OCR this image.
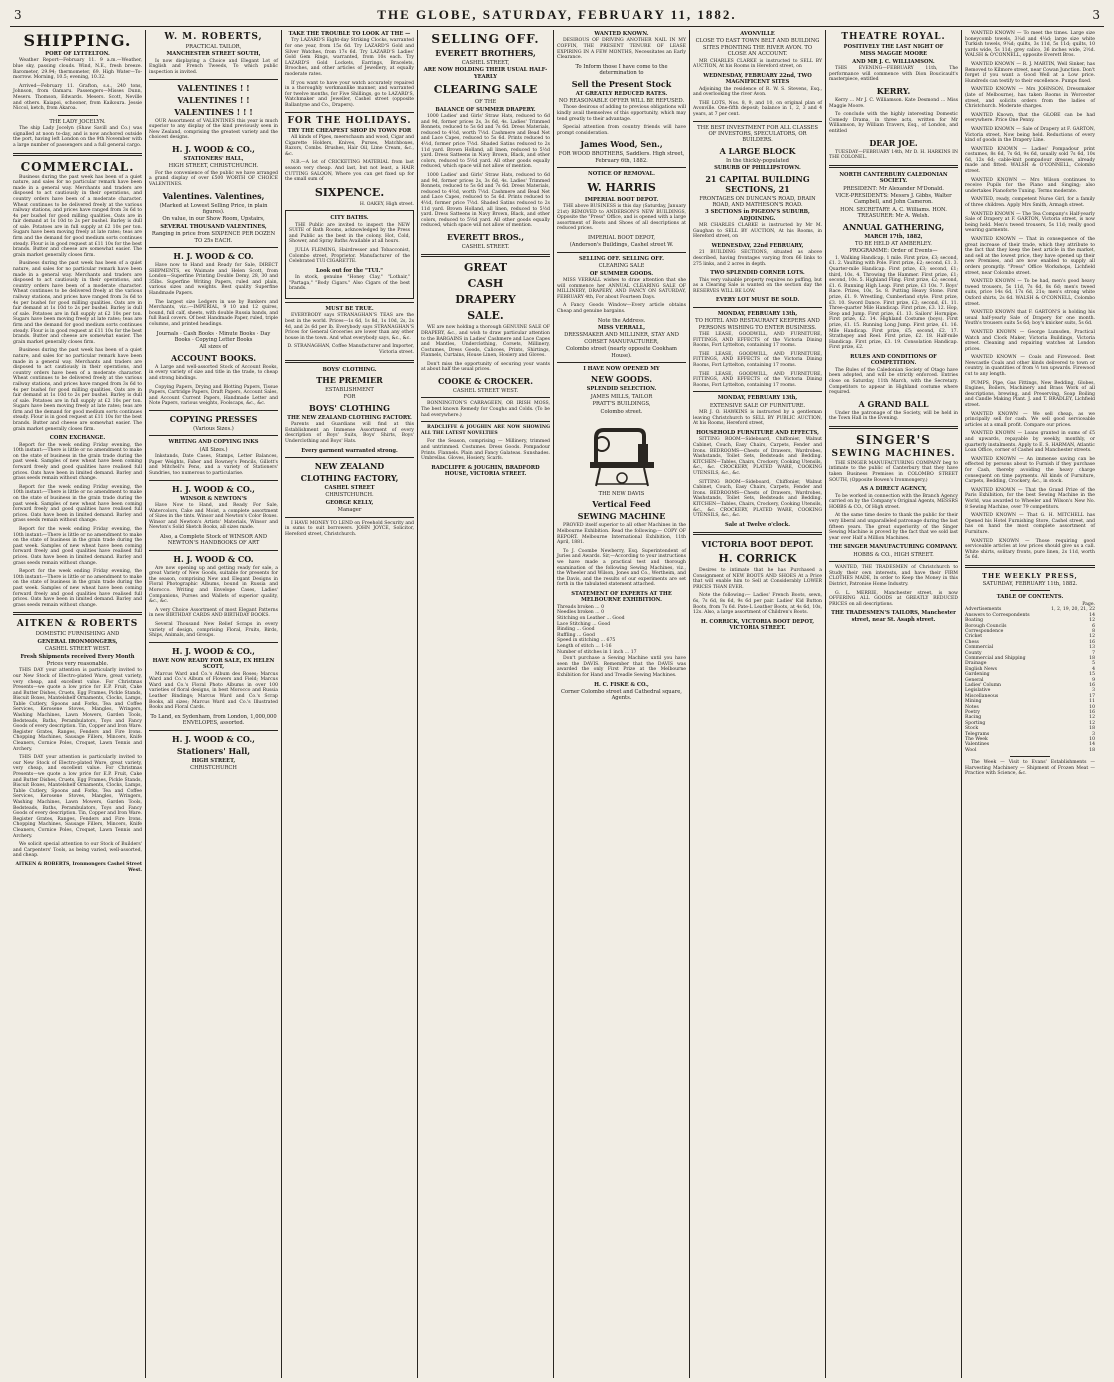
3	THE GLOBE, SATURDAY, FEBRUARY 11, 1882.	3
SHIPPING.
PORT OF LYTTELTON.
Weather Report—February 11. 9 a.m.—Weather, blue sky, passing clouds. Wind, N.E., fresh breeze. Barometer, 29.94; thermometer, 69. High Water—To-morrow. Morning, 10.5; evening, 10.32.
Arrived—February 11. Grafton, s.s., 240 tons, Johnson, from Oamaru. Passengers—Misses Dunn, Mesers. Thomson, Edwards. Mesers. Scott, Neville and others. Kaiapoi, schooner, from Kaikoura. Jessie Niccol, ketch, from Akaroa.
THE LADY JOCELYN.
The ship Lady Jocelyn (Shaw Savill and Co.) was signalled at noon to-day, and is now anchored outside the port, having left London on the 9th November with a large number of passengers and a full general cargo.
COMMERCIAL.
Business during the past week has been of a quiet nature, and sales for no particular remark have been made in a general way. Merchants and traders are disposed to act cautiously in their operations, and country orders have been of a moderate character. Wheat continues to be delivered freely at the various railway stations, and prices have ranged from 3s 6d to 4s per bushel for good milling qualities. Oats are in fair demand at 1s 10d to 2s per bushel. Barley is dull of sale. Potatoes are in full supply at £2 10s per ton. Sugars have been moving freely at late rates; teas are firm and the demand for good medium sorts continues steady. Flour is in good request at £11 10s for the best brands. Butter and cheese are somewhat easier. The grain market generally closes firm.
Business during the past week has been of a quiet nature, and sales for no particular remark have been made in a general way. Merchants and traders are disposed to act cautiously in their operations, and country orders have been of a moderate character. Wheat continues to be delivered freely at the various railway stations, and prices have ranged from 3s 6d to 4s per bushel for good milling qualities. Oats are in fair demand at 1s 10d to 2s per bushel. Barley is dull of sale. Potatoes are in full supply at £2 10s per ton. Sugars have been moving freely at late rates; teas are firm and the demand for good medium sorts continues steady. Flour is in good request at £11 10s for the best brands. Butter and cheese are somewhat easier. The grain market generally closes firm.
Business during the past week has been of a quiet nature, and sales for no particular remark have been made in a general way. Merchants and traders are disposed to act cautiously in their operations, and country orders have been of a moderate character. Wheat continues to be delivered freely at the various railway stations, and prices have ranged from 3s 6d to 4s per bushel for good milling qualities. Oats are in fair demand at 1s 10d to 2s per bushel. Barley is dull of sale. Potatoes are in full supply at £2 10s per ton. Sugars have been moving freely at late rates; teas are firm and the demand for good medium sorts continues steady. Flour is in good request at £11 10s for the best brands. Butter and cheese are somewhat easier. The grain market generally closes firm.
CORN EXCHANGE.
Report for the week ending Friday evening, the 10th instant:—There is little or no amendment to make on the state of business in the grain trade during the past week. Samples of new wheat have been coming forward freely and good qualities have realised full prices. Oats have been in limited demand. Barley and grass seeds remain without change.
Report for the week ending Friday evening, the 10th instant:—There is little or no amendment to make on the state of business in the grain trade during the past week. Samples of new wheat have been coming forward freely and good qualities have realised full prices. Oats have been in limited demand. Barley and grass seeds remain without change.
Report for the week ending Friday evening, the 10th instant:—There is little or no amendment to make on the state of business in the grain trade during the past week. Samples of new wheat have been coming forward freely and good qualities have realised full prices. Oats have been in limited demand. Barley and grass seeds remain without change.
Report for the week ending Friday evening, the 10th instant:—There is little or no amendment to make on the state of business in the grain trade during the past week. Samples of new wheat have been coming forward freely and good qualities have realised full prices. Oats have been in limited demand. Barley and grass seeds remain without change.
AITKEN & ROBERTS
DOMESTIC FURNISHING AND
GENERAL IRONMONGERS,
CASHEL STREET WEST.
Fresh Shipments received Every Month
Prices very reasonable.
THIS DAY your attention is particularly invited to our New Stock of Electro-plated Ware, great variety, very cheap, and excellent value. For Christmas Presents—we quote a low price for E.P. Fruit, Cake and Butter Dishes, Cruets, Egg Frames, Pickle Stands, Biscuit Boxes, Mantelshelf Ornaments, Clocks, Lamps, Table Cutlery, Spoons and Forks, Tea and Coffee Services, Kerosene Stoves, Mangles, Wringers, Washing Machines, Lawn Mowers, Garden Tools, Bedsteads, Baths, Perambulators, Toys and Fancy Goods of every description. Tin, Copper and Iron Ware. Register Grates, Ranges, Fenders and Fire Irons. Chopping Machines, Sausage Fillers, Mincers, Knife Cleaners, Cornice Poles, Croquet, Lawn Tennis and Archery.
THIS DAY your attention is particularly invited to our New Stock of Electro-plated Ware, great variety, very cheap, and excellent value. For Christmas Presents—we quote a low price for E.P. Fruit, Cake and Butter Dishes, Cruets, Egg Frames, Pickle Stands, Biscuit Boxes, Mantelshelf Ornaments, Clocks, Lamps, Table Cutlery, Spoons and Forks, Tea and Coffee Services, Kerosene Stoves, Mangles, Wringers, Washing Machines, Lawn Mowers, Garden Tools, Bedsteads, Baths, Perambulators, Toys and Fancy Goods of every description. Tin, Copper and Iron Ware. Register Grates, Ranges, Fenders and Fire Irons. Chopping Machines, Sausage Fillers, Mincers, Knife Cleaners, Cornice Poles, Croquet, Lawn Tennis and Archery.
We solicit special attention to our Stock of Builders' and Carpenters' Tools, as being varied, well-assorted, and cheap.
AITKEN & ROBERTS, Ironmongers Cashel Street West.
W. M. ROBERTS,
PRACTICAL TAILOR,
MANCHESTER STREET SOUTH,
Is now displaying a Choice and Elegant Lot of English and French Tweeds, To which public inspection is invited.
VALENTINES ! !
VALENTINES ! !
VALENTINES ! ! !
OUR Assortment of VALENTINES this year is much superior to any display of the kind previously seen in New Zealand, comprising the greatest variety and the choicest designs.
H. J. WOOD & CO.,
STATIONERS' HALL,
HIGH STREET, CHRISTCHURCH.
For the convenience of the public we have arranged a grand display of over £500 WORTH OF CHOICE VALENTINES.
Valentines. Valentines,
(Marked at Lowest Selling Price, in plain figures).
On value, in our Show Room, Upstairs,
SEVERAL THOUSAND VALENTINES,
Ranging in price from SIXPENCE PER DOZEN TO 25s EACH.
H. J. WOOD & CO.
Have now to Hand and Ready for Sale, DIRECT SHIPMENTS, ex Waimate and Helen Scott, from London—Superfine Printing Double Demy, 28, 30 and 35lbs. Superfine Writing Papers, ruled and plain, various sizes and weights. Best quality Superfine Handmade Papers.
The largest size Ledgers in use by Bankers and Merchants, viz.:—IMPERIAL, 9 10 and 12 quires, bound, full calf, sheets, with double Russia bands, and full Basil covers. Of best Handmade Paper, ruled, triple columns, and printed headings.
Journals · Cash Books · Minute Books · Day Books · Copying Letter Books
All sizes of
ACCOUNT BOOKS.
A Large and well-assorted Stock of Account Books, in every variety of size and title in the trade, to cheap and strong bindings.
Copying Papers, Drying and Blotting Papers, Tissue Papers, Cartridge Papers, Draft Papers, Account Sales, and Account Current Papers, Handmade Letter and Note Papers, various weights, Foolscaps, &c., &c.
COPYING PRESSES
(Various Sizes.)
WRITING AND COPYING INKS
(All Sizes.)
Inkstands, Date Cases, Stamps, Letter Balances, Paper Weights, Faber and Rowney's Pencils, Gillott's and Mitchell's Pens, and a variety of Stationers' Sundries, too numerous to particularise.
H. J. WOOD & CO.,
WINSOR & NEWTON'S
Have Now to Hand, and Ready For Sale, Watercolors, Cake and Moist, a complete assortment of Sizes in the tints. Winsor and Newton's Color Boxes. Winsor and Newton's Artists' Materials, Winsor and Newton's Solid Sketch Books, all sizes made.
Also, a Complete Stock of WINSOR AND NEWTON'S HANDBOOKS OF ART
H. J. WOOD & CO.
Are now opening up and getting ready for sale, a great Variety of New Goods, suitable for presents for the season, comprising New and Elegant Designs in Floral Photographic Albums, bound in Russia and Morocco. Writing and Envelope Cases, Ladies' Companions, Purses and Wallets of superior quality, &c., &c.
A very Choice Assortment of most Elegant Patterns in new BIRTHDAY CARDS AND BIRTHDAY BOOKS.
Several Thousand New Relief Scraps in every variety of design, comprising Floral, Fruits, Birds, Ships, Animals, and Groups.
H. J. WOOD & CO.,
HAVE NOW READY FOR SALE, EX HELEN SCOTT,
Marcus Ward and Co.'s Album des Roses; Marcus Ward and Co.'s Album of Flowers and Field; Marcus Ward and Co.'s Floral Photo Albums in over 100 varieties of floral designs, in best Morocco and Russia Leather Bindings; Marcus Ward and Co.'s Scrap Books, all sizes; Marcus Ward and Co.'s Illustrated Books and Floral Cards.
To Land, ex Sydenham, from London, 1,000,000 ENVELOPES, assorted.
H. J. WOOD & CO.,
Stationers' Hall,
HIGH STREET,
CHRISTCHURCH
TAKE THE TROUBLE TO LOOK AT THE —
Try LAZARD'S Eight-day Striking Clocks, warranted for one year, from 15s 6d. Try LAZARD'S Gold and Silver Watches, from 17s 6d. Try LAZARD'S Ladies' Gold Gem Rings, warranted, from 10s each. Try LAZARD'S Gold Lockets, Earrings, Bracelets, Brooches, and other articles of Jewellery, at equally moderate rates.
If you want to have your watch accurately repaired in a thoroughly workmanlike manner, and warranted for twelve months, for Five Shillings, go to LAZARD'S, Watchmaker and Jeweller, Cashel street (opposite Ballantyne and Co., Drapers).
FOR THE HOLIDAYS.
TRY THE CHEAPEST SHOP IN TOWN FOR
All kinds of Pipes, meerschaum and wood, Cigar and Cigarette Holders, Knives, Purses, Matchboxes, Razors, Combs. Brushes, Hair Oil, Lime Cream, &c., &c.
N.B.—A lot of CRICKETING MATERIAL from last season very cheap. And last, but not least, a HAIR CUTTING SALOON, Where you can get fixed up for the small sum of
SIXPENCE.
H. OAKEY, High street.
CITY BATHS.
THE Public are invited to inspect the NEW SUITE of Bath Rooms, acknowledged by the Press and Public as the best in the colony. Hot, Cold, Shower, and Spray Baths Available at all hours.
JULIA FLEMING, Hairdresser and Tobacconist, Colombo street, Proprietor. Manufacturer of the Celebrated TUI CIGARETTE.
Look out for the "TUI."
In stock, genuine "Honey Clay," "Lothair," "Partaga," "Body Cigars." Also Cigars of the best brands.
MUST BE TRUE.
EVERYBODY says STRANAGHAN'S TEAS are the best in the world. Prices—1s 6d, 1s 8d, 1s 10d, 2s, 2s 4d, and 2s 6d per lb. Everybody says STRANAGHAN'S Prices for General Groceries are lower than any other house in the town. And what everybody says, &c., &c.
D. STRANAGHAN, Coffee Manufacturer and Importer, Victoria street.
BOYS' CLOTHING.
THE PREMIER
ESTABLISHMENT
FOR
BOYS' CLOTHING
THE NEW ZEALAND CLOTHING FACTORY.
Parents and Guardians will find at this Establishment an Immense Assortment of every description of Boys' Suits, Boys' Shirts, Boys' Underclothing and Boys' Hats.
Every garment warranted strong.
NEW ZEALAND
CLOTHING FACTORY,
CASHEL STREET
CHRISTCHURCH.
GEORGE KELLY,
Manager
I HAVE MONEY TO LEND on Freehold Security and in sums to suit borrowers. JOHN JOYCE, Solicitor, Hereford street, Christchurch.
SELLING OFF.
EVERETT BROTHERS,
CASHEL STREET,
ARE NOW HOLDING THEIR USUAL HALF-YEARLY
CLEARING SALE
OF THE
BALANCE OF SUMMER DRAPERY.
1000 Ladies' and Girls' Straw Hats, reduced to 6d and 9d, former prices 2s, 3s 6d, 4s. Ladies' Trimmed Bonnets, reduced to 5s 6d and 7s 6d. Dress Materials, reduced to 4½d, worth 7½d. Cashmere and Bead Net and Lace Capes, reduced to 5s 6d. Prints reduced to 4½d, former price 7½d. Shaded Satins reduced to 2s 11d yard. Brown Holland, all linen, reduced to 5½d yard. Dress Satteens in Navy Brown, Black, and other colors, reduced to 5½d yard. All other goods equally reduced, which space will not allow of mention.
1000 Ladies' and Girls' Straw Hats, reduced to 6d and 9d, former prices 2s, 3s 6d, 4s. Ladies' Trimmed Bonnets, reduced to 5s 6d and 7s 6d. Dress Materials, reduced to 4½d, worth 7½d. Cashmere and Bead Net and Lace Capes, reduced to 5s 6d. Prints reduced to 4½d, former price 7½d. Shaded Satins reduced to 2s 11d yard. Brown Holland, all linen, reduced to 5½d yard. Dress Satteens in Navy Brown, Black, and other colors, reduced to 5½d yard. All other goods equally reduced, which space will not allow of mention.
EVERETT BROS.,
CASHEL STREET.
GREAT
CASH
DRAPERY
SALE.
WE are now holding a thorough GENUINE SALE OF DRAPERY, &c., and wish to draw particular attention to the BARGAINS in Ladies' Cashmere and Lace Capes and Mantles, Underclothing, Corsets, Millinery, Costumes, Dress Goods, Calicoes, Prints, Shirtings, Flannels, Curtains, House Linen, Hosiery and Gloves.
Don't miss the opportunity of securing your wants at about half the usual prices.
COOKE & CROCKER.
CASHEL STREET WEST.
BONNINGTON'S CARRAGEEN, OR IRISH MOSS, The best known Remedy for Coughs and Colds. (To be had everywhere.)
RADCLIFFE & JOUGHIN ARE NOW SHOWING ALL THE LATEST NOVELTIES
For the Season, comprising — Millinery, trimmed and untrimmed. Costumes. Dress Goods. Pompadour Prints. Flannels. Plain and Fancy Galateas. Sunshades. Umbrellas. Gloves, Hosiery, Scarfs.
RADCLIFFE & JOUGHIN, BRADFORD HOUSE, VICTORIA STREET.
WANTED KNOWN.
DESIROUS OF DRIVING ANOTHER NAIL IN MY COFFIN, THE PRESENT TENURE OF LEASE EXPIRING IN A FEW MONTHS, Necessitates an Early Clearance.
To Inform those I have come to the determination to
Sell the Present Stock
AT GREATLY REDUCED RATES.
NO REASONABLE OFFER WILL BE REFUSED.
Those desirous of adding to previous obligations will kindly avail themselves of this opportunity, which may tend greatly to their advantage.
Special attention from country friends will have prompt consideration.
James Wood, Sen.,
FOR WOOD BROTHERS, Saddlers. High street, February 6th, 1882.
NOTICE OF REMOVAL.
W. HARRIS
IMPERIAL BOOT DEPOT.
THE above BUSINESS is this day (Saturday, January 21st) REMOVED to ANDERSON'S NEW BUILDINGS, Opposite the "Press" Office, and is opened with a large assortment of Boots and Shoes of all descriptions at reduced prices.
IMPERIAL BOOT DEPOT,
(Anderson's Buildings, Cashel street W.
SELLING OFF. SELLING OFF.
CLEARING SALE
OF SUMMER GOODS.
MISS VERRALL wishes to draw attention that she will commence her ANNUAL CLEARING SALE OF MILLINERY, DRAPERY, AND FANCY ON SATURDAY, FEBRUARY 4th, For about Fourteen Days.
A Fancy Goods Window—Every article obtains Cheap and genuine bargains.
Note the Address.
MISS VERRALL,
DRESSMAKER AND MILLINER, STAY AND CORSET MANUFACTURER,
Colombo street (nearly opposite Cookham House).
I HAVE NOW OPENED MY
NEW GOODS.
SPLENDID SELECTION.
JAMES MILLS, TAILOR
PRATT'S BUILDINGS,
Colombo street.
THE NEW DAVIS
Vertical Feed
SEWING MACHINE
PROVED itself superior to all other Machines in the Melbourne Exhibition. Read the following:— COPY OF REPORT. Melbourne International Exhibition, 11th April, 1881.
To J. Coombe Newberry, Esq. Superintendent of Juries and Awards. Sir,—According to your instructions we have made a practical test and thorough examination of the following Sewing Machines, viz., the Wheeler and Wilson, Jones and Co., Wertheim, and the Davis, and the results of our experiments are set forth in the tabulated statement attached.
STATEMENT OF EXPERTS AT THE MELBOURNE EXHIBITION.
Threads broken ... 0
Needles broken ... 0
Stitching on Leather ... Good
Lace Stitching ... Good
Binding ... Good
Ruffling ... Good
Speed in stitching ... 675
Length of stitch ... 1-16
Number of stitches in 1 inch ... 17
Don't purchase a Sewing Machine until you have seen the DAVIS. Remember that the DAVIS was awarded the only First Prize at the Melbourne Exhibition for Hand and Treadle Sewing Machines.
H. C. FISKE & CO.,
Corner Colombo street and Cathedral square, Agents.
AVONVILLE
CLOSE TO EAST TOWN BELT AND BUILDING SITES FRONTING THE RIVER AVON. TO CLOSE AN ACCOUNT.
MR CHARLES CLARKE is instructed to SELL BY AUCTION, At his Rooms in Hereford street, on
WEDNESDAY, FEBRUARY 22nd, TWO MAGNIFICENT SITES
Adjoining the residence of R. W. S. Stevens, Esq., and overlooking the river Avon.
THE LOTS, Nos. 8, 9, and 10, on original plan of Avonville. One-fifth deposit; balance in 1, 2, 3 and 4 years, at 7 per cent.
THE BEST INVESTMENT FOR ALL CLASSES OF INVESTORS, SPECULATORS, OR BUILDERS.
A LARGE BLOCK
In the thickly-populated
SUBURB OF PHILLIPSTOWN.
21 CAPITAL BUILDING SECTIONS, 21
FRONTAGES ON DUNCAN'S ROAD, DRAIN ROAD, AND MATHESON'S ROAD.
3 SECTIONS in PIGEON'S SUBURB, ADJOINING.
MR CHARLES CLARKE is instructed by Mr M. Gaughan to SELL BY AUCTION, At his Rooms, in Hereford street, on
WEDNESDAY, 22nd FEBRUARY,
21 BUILDING SECTIONS, situated as above described, having frontages varying from 66 links to 275 links, and 2 acres in depth.
TWO SPLENDID CORNER LOTS.
This very valuable property requires no puffing, but as a Clearing Sale is wanted on the section day the RESERVES WILL BE LOW.
EVERY LOT MUST BE SOLD.
MONDAY, FEBRUARY 13th,
TO HOTEL AND RESTAURANT KEEPERS AND PERSONS WISHING TO ENTER BUSINESS.
THE LEASE, GOODWILL, AND FURNITURE, FITTINGS, AND EFFECTS of the Victoria Dining Rooms, Fort Lyttelton, containing 17 rooms.
THE LEASE, GOODWILL, AND FURNITURE, FITTINGS, AND EFFECTS of the Victoria Dining Rooms, Fort Lyttelton, containing 17 rooms.
THE LEASE, GOODWILL, AND FURNITURE, FITTINGS, AND EFFECTS of the Victoria Dining Rooms, Fort Lyttelton, containing 17 rooms.
MONDAY, FEBRUARY 13th,
EXTENSIVE SALE OF FURNITURE.
MR J. O. HAWKINS is instructed by a gentleman leaving Christchurch to SELL BY PUBLIC AUCTION, At his Rooms, Hereford street,
HOUSEHOLD FURNITURE AND EFFECTS,
SITTING ROOM—Sideboard, Chiffonier, Walnut Cabinet, Couch, Easy Chairs, Carpets, Fender and Irons. BEDROOMS—Chests of Drawers, Wardrobes, Washstands, Toilet Sets, Bedsteads and Bedding. KITCHEN—Tables, Chairs, Crockery, Cooking Utensils, &c., &c. CROCKERY, PLATED WARE, COOKING UTENSILS, &c., &c.
SITTING ROOM—Sideboard, Chiffonier, Walnut Cabinet, Couch, Easy Chairs, Carpets, Fender and Irons. BEDROOMS—Chests of Drawers, Wardrobes, Washstands, Toilet Sets, Bedsteads and Bedding. KITCHEN—Tables, Chairs, Crockery, Cooking Utensils, &c., &c. CROCKERY, PLATED WARE, COOKING UTENSILS, &c., &c.
Sale at Twelve o'clock.
VICTORIA BOOT DEPOT.
H. CORRICK
Desires to intimate that he has Purchased a Consignment of NEW BOOTS AND SHOES At a Price that will enable him to Sell at Considerably LOWER PRICES THAN EVER.
Note the following:— Ladies' French Boots, sewn, 6s, 7s 6d, 8s 6d, 9s 6d per pair. Ladies' Kid Button Boots, from 7s 6d. Pate-L Leather Boots, at 4s 6d, 10s, 12s. Also, a large assortment of Children's Boots.
H. CORRICK, VICTORIA BOOT DEPOT, VICTORIA STREET.
THEATRE ROYAL.
POSITIVELY THE LAST NIGHT OF
MISS MAGGIE MOORE
AND MR J. C. WILLIAMSON.
THIS EVENING—FEBRUARY 11th, The performance will commence with Dion Boucicault's masterpiece, entitled
KERRY.
Kerry ... Mr J. C. Williamson. Kate Desmond ... Miss Maggie Moore.
To conclude with the highly interesting Domestic Comedy Drama, in three acts, written for Mr Williamson, by William Travers, Esq., of London, and entitled
DEAR JOE.
TUESDAY—FEBRUARY 14th, Mr D. H. HARKINS IN THE COLONEL.
NORTH CANTERBURY CALEDONIAN SOCIETY.
PRESIDENT: Mr Alexander M'Donald.
VICE-PRESIDENTS: Messrs J. Gibbs, Walter Campbell, and John Cameron.
HON. SECRETARY: A. C. Williams. HON. TREASURER: Mr A. Welsh.
ANNUAL GATHERING,
MARCH 17th, 1882,
TO BE HELD AT AMBERLEY.
PROGRAMME: Order of Events—
1. Walking Handicap, 1 mile. First prize, £3; second, £1. 2. Vaulting with Pole. First prize, £2; second, £1. 3. Quarter-mile Handicap. First prize, £3; second, £1; third, 10s. 4. Throwing the Hammer. First prize, £1; second, 10s. 5. Highland Fling. First prize, £2; second, £1. 6. Running High Leap. First prize, £1 10s. 7. Boys' Race. Prizes, 10s, 5s. 8. Putting Heavy Stone. First prize, £1. 9. Wrestling, Cumberland style. First prize, £3. 10. Sword Dance. First prize, £2; second, £1. 11. Three-quarter Mile Handicap. First prize, £3. 12. Hop, Step and Jump. First prize, £1. 13. Sailors' Hornpipe. First prize, £2. 14. Highland Costume (boys). First prize, £1. 15. Running Long Jump. First prize, £1. 16. Mile Handicap. First prize, £5; second, £2. 17. Strathspey and Reel. First prize, £2. 18. Half-mile Handicap. First prize, £3. 19. Consolation Handicap. First prize, £2.
RULES AND CONDITIONS OF COMPETITION.
The Rules of the Caledonian Society of Otago have been adopted, and will be strictly enforced. Entries close on Saturday, 11th March, with the Secretary. Competitors to appear in Highland costume where required.
A GRAND BALL
Under the patronage of the Society, will be held in the Town Hall in the Evening.
SINGER'S
SEWING MACHINES.
THE SINGER MANUFACTURING COMPANY beg to intimate to the public of Canterbury that they have taken Business Premises in COLOMBO STREET SOUTH, (Opposite Bowen's Ironmongery,)
AS A DIRECT AGENCY,
To be worked in connection with the Branch Agency carried on by the Company's Original Agents, MESSRS HOBBS & CO., Of High street.
At the same time desire to thank the public for their very liberal and unparalleled patronage during the last fifteen years. The great superiority of the Singer Sewing Machine is proved by the fact that we sold last year over Half a Million Machines.
THE SINGER MANUFACTURING COMPANY.
HOBBS & CO., HIGH STREET.
WANTED, THE TRADESMEN of Christchurch to Study their own interests, and have their FIRM CLOTHES MADE, In order to Keep the Money in this District, Patronise Home Industry.
G. L. MERRIE, Manchester street, is now OFFERING ALL GOODS at GREATLY REDUCED PRICES on all descriptions.
THE TRADESMEN'S TAILORS, Manchester street, near St. Asaph street.
WANTED KNOWN — To meet the times. Large size honeycomb towels, 3¼d and 4¼d; large size white Turkish towels, 9¼d; quilts, 3s 11d, 5s 11d; quilts, 10 yards wide, 5s 11d; grey calico, 36 inches wide, 2½d. WALSH & O'CONNELL, opposite Everett Bros.
WANTED KNOWN — R. J. MARTIN, Well Sinker, has Removed to Kilmore street, near Cowan Junction. Don't forget if you want a Good Well at a Low price. Hundreds can testify to their excellence. Pumps fixed.
WANTED KNOWN — Mrs JOHNSON, Dressmaker (late of Melbourne), has taken Rooms in Worcester street, and solicits orders from the ladies of Christchurch. Moderate charges.
WANTED Known, that the GLOBE can be had everywhere. Price One Penny.
WANTED KNOWN — Sale of Drapery at F. GARTON, Victoria street, Now being held. Reductions of every kind of goods in the Drapery Line.
WANTED KNOWN — Ladies' Pompadour print costumes, 8s 6d, 7s 6d, 9s 6d, usually sold 7s 6d, 10s 6d, 12s 6d; cable-knit pompadour dresses, already made and fitted. WALSH & O'CONNELL, Colombo street.
WANTED KNOWN — Mrs Wilson continues to receive Pupils for the Piano and Singing; also undertakes Pianoforte Tuning. Terms moderate.
WANTED, ready, competent Nurse Girl, for a family of three children. Apply Mrs Smith, Armagh street.
WANTED KNOWN — The Tea Company's Half-yearly Sale of Drapery at F. GARTON, Victoria street, is now being held. Men's tweed trousers, 5s 11d; really good wearing garments.
WANTED KNOWN — That in consequence of the great increase of their trade, which they attribute to the fact that they keep the best article in the market, and sell at the lowest price, they have opened up their new Premises, and are now enabled to supply all orders promptly. "Press" Office Workshops, Lichfield street, near Colombo street.
WANTED KNOWN — To be had, men's good heavy tweed trousers, 5s 11d, 7s 6d, 8s 6d; men's tweed suits, price 14s 6d, 17s 6d, 21s; men's strong white Oxford shirts, 2s 6d. WALSH & O'CONNELL, Colombo street.
WANTED KNOWN that F. GARTON'S is holding his usual half-yearly Sale of Drapery for one month. Youth's trousers suits 5s 6d; boy's knicker suits, 5s 6d.
WANTED KNOWN — George Lumsden, Practical Watch and Clock Maker, Victoria Buildings, Victoria street. Cleaning and repairing watches at London prices.
WANTED KNOWN — Coals and Firewood. Best Newcastle Coals and other kinds delivered to town or country, in quantities of from ½ ton upwards. Firewood cut to any length.
PUMPS, Pipe, Gas Fittings, New Bedding, Globes, Engines, Boilers, Machinery and Brass Work of all descriptions, brewing, and Preserving, Soap Boiling and Candle Making Plant. J. and T. BRADLEY, Lichfield street.
WANTED KNOWN — We sell cheap, as we principally sell for cash. We sell good serviceable articles at a small profit. Compare our prices.
WANTED KNOWN — Loans granted in sums of £5 and upwards, repayable by weekly, monthly, or quarterly instalments. Apply to E. S. HARMAN, Atlantic Loan Office, corner of Cashel and Manchester streets.
WANTED KNOWN — An immense saving can be effected by persons about to Furnish if they purchase for Cash, thereby avoiding the heavy charge consequent on time payments. All kinds of Furniture, Carpets, Bedding, Crockery, &c., in stock.
WANTED KNOWN — That the Grand Prize of the Paris Exhibition, for the best Sewing Machine in the World, was awarded to Wheeler and Wilson's New No. 8 Sewing Machine, over 79 competitors.
WANTED KNOWN — That G. H. MITCHELL has Opened his Hotel Furnishing Store, Cashel street, and has on hand the most complete assortment of Furniture.
WANTED KNOWN — Those requiring good serviceable articles at low prices should give us a call. White shirts, solitary fronts, pure linen, 2s 11d, worth 5s 6d.
THE WEEKLY PRESS,
SATURDAY, FEBRUARY 11th, 1882.
TABLE OF CONTENTS.
Page.
Advertisements	1, 2, 19, 20, 21, 22
Answers to Correspondents	14
Boating	12
Borough Councils	6
Correspondence	8
Cricket	12
Chess	16
Commercial	13
County	7
Commercial and Shipping	18
Drainage	5
English News	4
Gardening	15
General	9
Ladies' Column	16
Legislative	3
Miscellaneous	17
Mining	11
Notes	10
Poetry	16
Racing	12
Sporting	12
Stock	18
Telegrams	3
The Week	10
Valentines	14
Wool	18
The Week — Visit to Evans' Establishments — Harvesting Machinery — Shipment of Frozen Meat — Practice with Science, &c.
